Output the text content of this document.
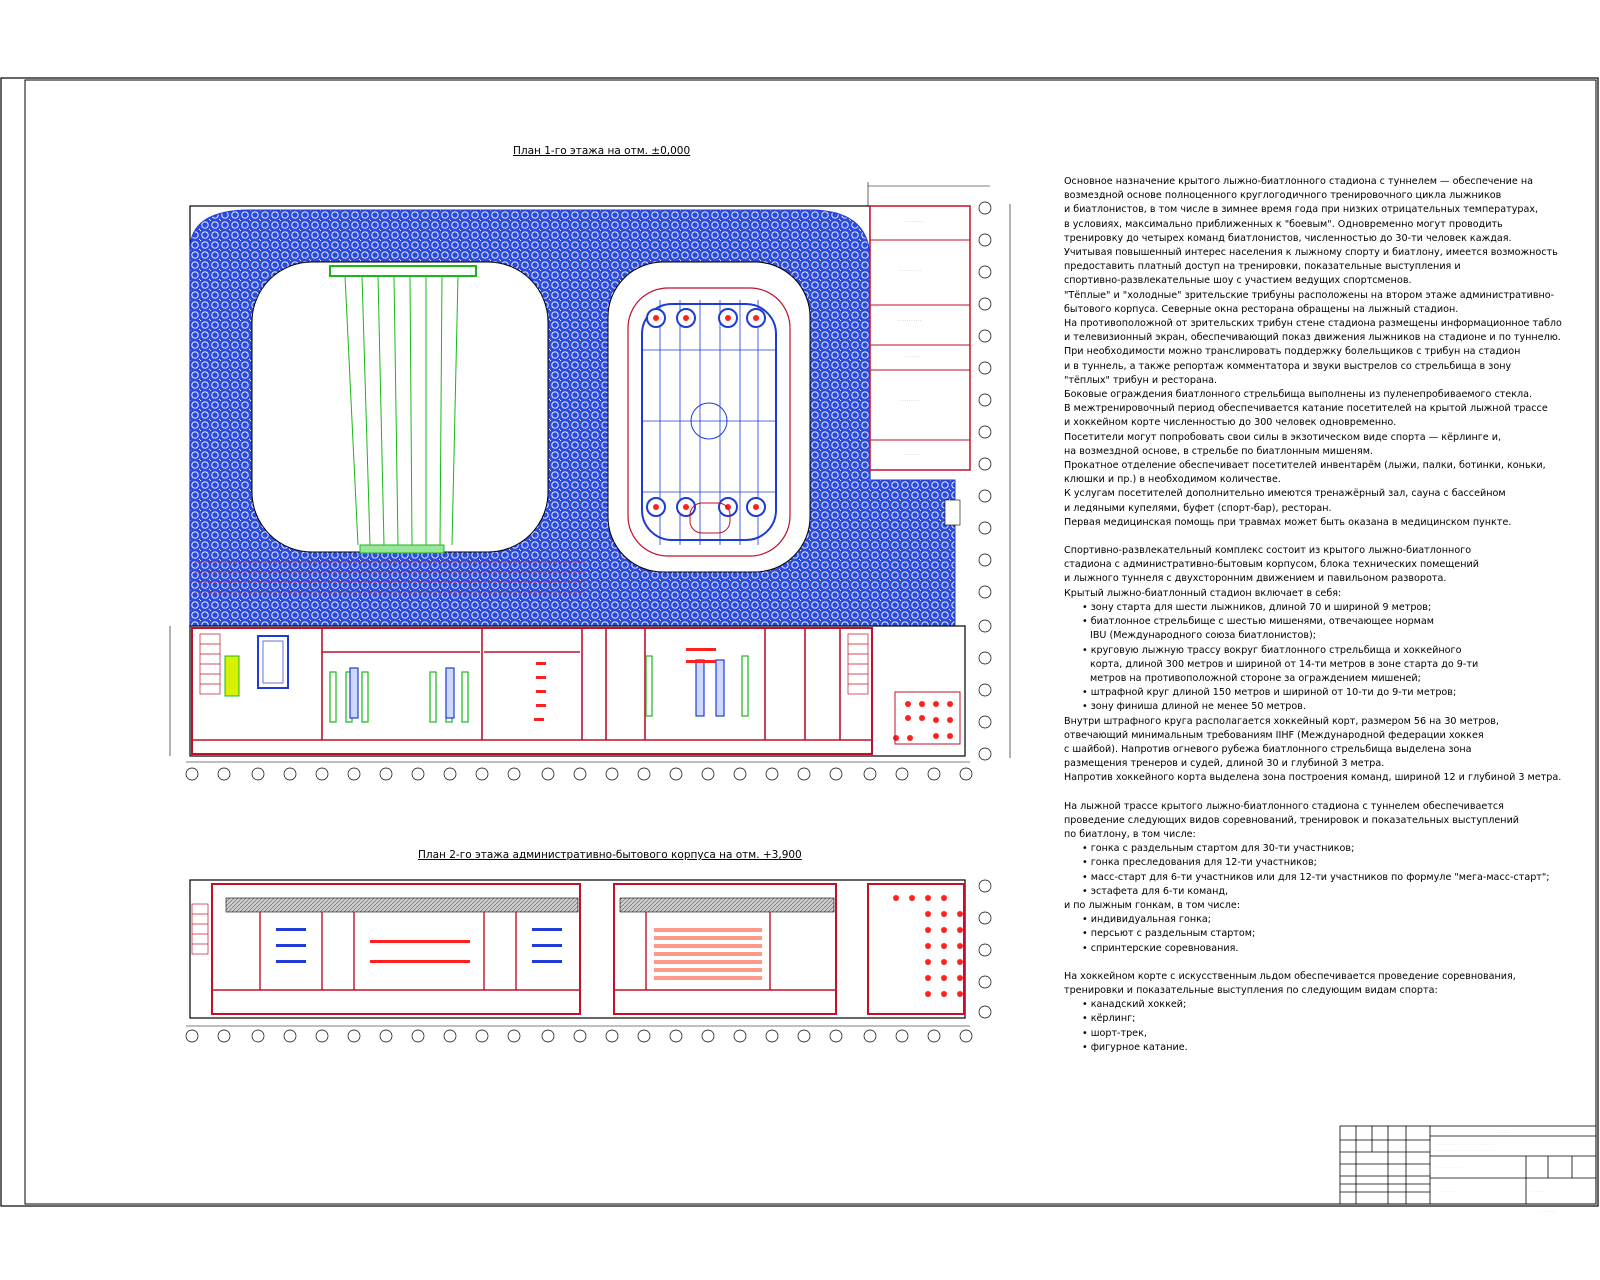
· · · · · · · · ·
· · · · · · · · · ·
· · · · · · · · · · ·
· · · · · · ·
· · · · · · · · ·
· · · · · · ·
· · · · ·
· · · · · · · · · · · · · · · · · · · · · · · · · · · · · · · ·
· · · · · · · · · · · · · · · · · · · · · · · · · · · · · · ·
· · · · · · · · · · · · · ·
· · · · · · · · · ·	· · · · · · · · ·
· · · · · · · · ·
План 1-го этажа на отм. ±0,000
План 2-го этажа административно-бытового корпуса на отм. +3,900

Основное назначение крытого лыжно-биатлонного стадиона с туннелем — обеспечение на

возмездной основе полноценного круглогодичного тренировочного цикла лыжников

и биатлонистов, в том числе в зимнее время года при низких отрицательных температурах,

в условиях, максимально приближенных к "боевым". Одновременно могут проводить

тренировку до четырех команд биатлонистов, численностью до 30-ти человек каждая.

Учитывая повышенный интерес населения к лыжному спорту и биатлону, имеется возможность

предоставить платный доступ на тренировки, показательные выступления и

спортивно-развлекательные шоу с участием ведущих спортсменов.

"Тёплые" и "холодные" зрительские трибуны расположены на втором этаже административно-

бытового корпуса. Северные окна ресторана обращены на лыжный стадион.

На противоположной от зрительских трибун стене стадиона размещены информационное табло

и телевизионный экран, обеспечивающий показ движения лыжников на стадионе и по туннелю.

При необходимости можно транслировать поддержку болельщиков с трибун на стадион

и в туннель, а также репортаж комментатора и звуки выстрелов со стрельбища в зону

"тёплых" трибун и ресторана.

Боковые ограждения биатлонного стрельбища выполнены из пуленепробиваемого стекла.

В межтренировочный период обеспечивается катание посетителей на крытой лыжной трассе

и хоккейном корте численностью до 300 человек одновременно.

Посетители могут попробовать свои силы в экзотическом виде спорта — кёрлинге и,

на возмездной основе, в стрельбе по биатлонным мишеням.

Прокатное отделение обеспечивает посетителей инвентарём (лыжи, палки, ботинки, коньки,

клюшки и пр.) в необходимом количестве.

К услугам посетителей дополнительно имеются тренажёрный зал, сауна с бассейном

и ледяными купелями, буфет (спорт-бар), ресторан.

Первая медицинская помощь при травмах может быть оказана в медицинском пункте.

Спортивно-развлекательный комплекс состоит из крытого лыжно-биатлонного

стадиона с административно-бытовым корпусом, блока технических помещений

и лыжного туннеля с двухсторонним движением и павильоном разворота.

Крытый лыжно-биатлонный стадион включает в себя:

• зону старта для шести лыжников, длиной 70 и шириной 9 метров;

• биатлонное стрельбище с шестью мишенями, отвечающее нормам

IBU (Международного союза биатлонистов);

• круговую лыжную трассу вокруг биатлонного стрельбища и хоккейного

корта, длиной 300 метров и шириной от 14-ти метров в зоне старта до 9-ти

метров на противоположной стороне за ограждением мишеней;

• штрафной круг длиной 150 метров и шириной от 10-ти до 9-ти метров;

• зону финиша длиной не менее 50 метров.

Внутри штрафного круга располагается хоккейный корт, размером 56 на 30 метров,

отвечающий минимальным требованиям IIHF (Международной федерации хоккея

с шайбой). Напротив огневого рубежа биатлонного стрельбища выделена зона

размещения тренеров и судей, длиной 30 и глубиной 3 метра.

Напротив хоккейного корта выделена зона построения команд, шириной 12 и глубиной 3 метра.

На лыжной трассе крытого лыжно-биатлонного стадиона с туннелем обеспечивается

проведение следующих видов соревнований, тренировок и показательных выступлений

по биатлону, в том числе:

• гонка с раздельным стартом для 30-ти участников;

• гонка преследования для 12-ти участников;

• масс-старт для 6-ти участников или для 12-ти участников по формуле "мега-масс-старт";

• эстафета для 6-ти команд,

и по лыжным гонкам, в том числе:

• индивидуальная гонка;

• персьют с раздельным стартом;

• спринтерские соревнования.

На хоккейном корте с искусственным льдом обеспечивается проведение соревнования,

тренировки и показательные выступления по следующим видам спорта:

• канадский хоккей;

• кёрлинг;

• шорт-трек,

• фигурное катание.
